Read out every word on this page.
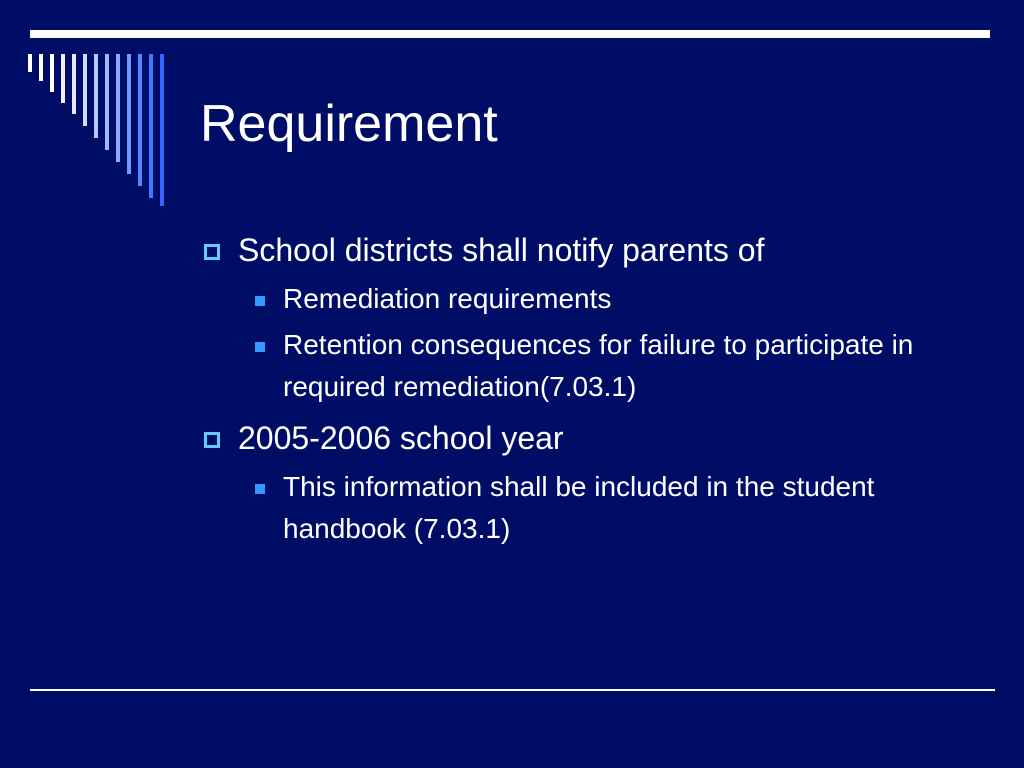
Requirement
School districts shall notify parents of
Remediation requirements
Retention consequences for failure to participate in required remediation(7.03.1)
2005-2006 school year
This information shall be included in the student handbook (7.03.1)
